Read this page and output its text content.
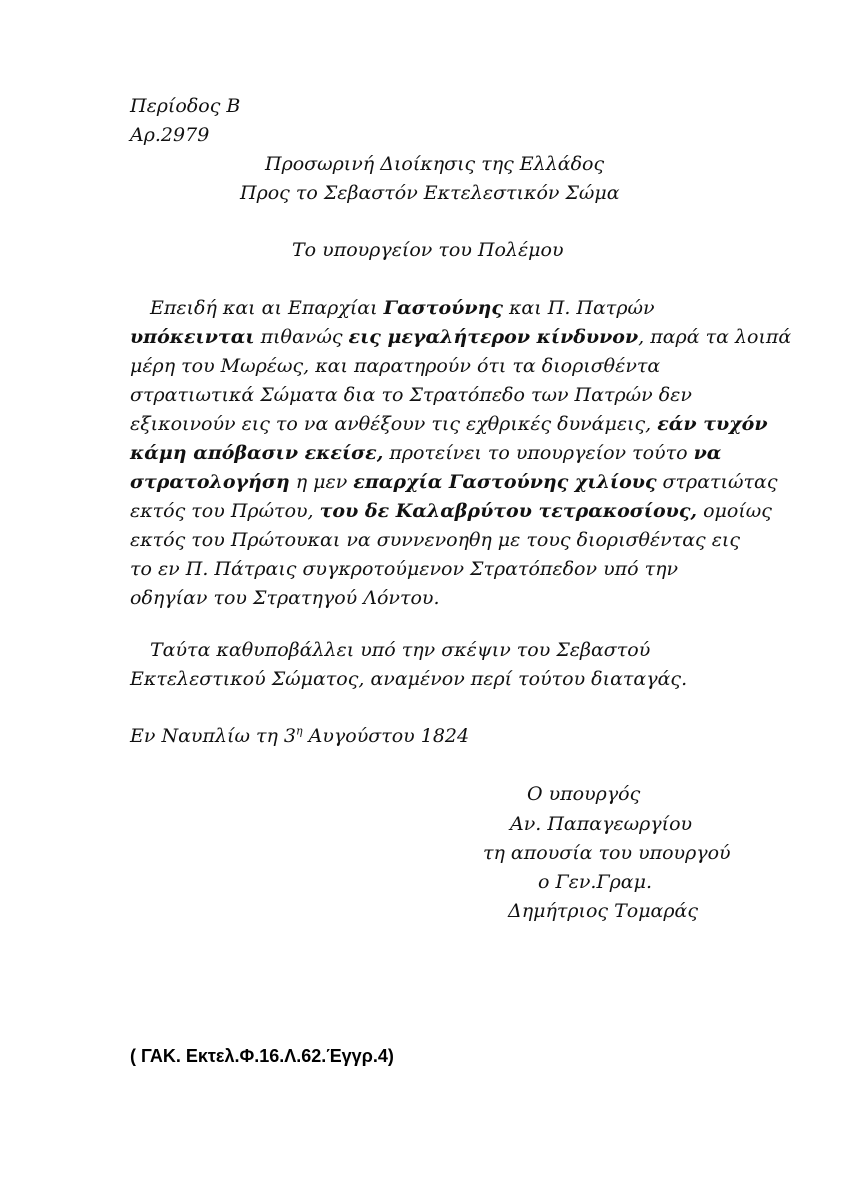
Περίοδος Β
Αρ.2979
Προσωρινή Διοίκησις της Ελλάδος
Προς το Σεβαστόν Εκτελεστικόν Σώμα
Το υπουργείον του Πολέμου
Επειδή και αι Επαρχίαι Γαστούνης και Π. Πατρών
υπόκεινται πιθανώς εις μεγαλήτερον κίνδυνον, παρά τα λοιπά
μέρη του Μωρέως, και παρατηρούν ότι τα διορισθέντα
στρατιωτικά Σώματα δια το Στρατόπεδο των Πατρών δεν
εξικοινούν εις το να ανθέξουν τις εχθρικές δυνάμεις, εάν τυχόν
κάμη απόβασιν εκείσε, προτείνει το υπουργείον τούτο να
στρατολογήση η μεν επαρχία Γαστούνης χιλίους στρατιώτας
εκτός του Πρώτου, του δε Καλαβρύτου τετρακοσίους, ομοίως
εκτός του Πρώτουκαι να συννενοηθη με τους διορισθέντας εις
το εν Π. Πάτραις συγκροτούμενον Στρατόπεδον υπό την
οδηγίαν του Στρατηγού Λόντου.
Ταύτα καθυποβάλλει υπό την σκέψιν του Σεβαστού
Εκτελεστικού Σώματος, αναμένον περί τούτου διαταγάς.
Εν Ναυπλίω τη $3^\eta$ Αυγούστου 1824
Ο υπουργός
Αν. Παπαγεωργίου
τη απουσία του υπουργού
ο Γεν.Γραμ.
Δημήτριος Τομαράς
( ΓΑΚ. Εκτελ.Φ.16.Λ.62.Έγγρ.4)
